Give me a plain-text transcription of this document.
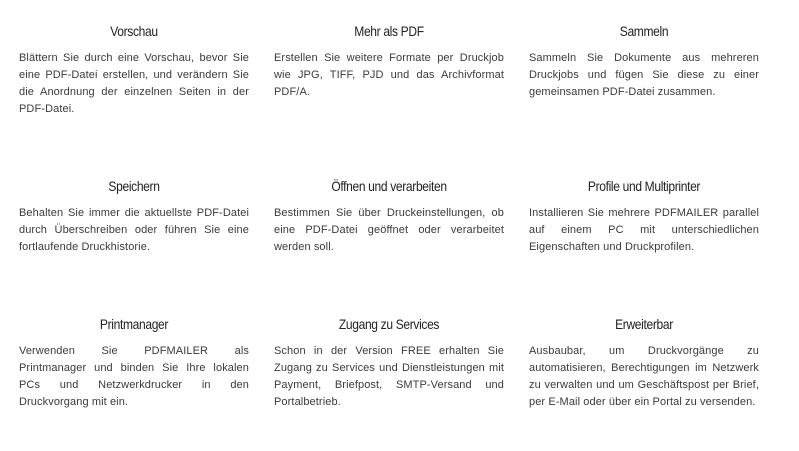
Vorschau

Blättern Sie durch eine Vorschau, bevor Sie eine PDF-Datei erstellen, und verändern Sie die Anordnung der einzelnen Seiten in der PDF-Datei.

Mehr als PDF

Erstellen Sie weitere Formate per Druckjob wie JPG, TIFF, PJD und das Archivformat PDF/A.

Sammeln

Sammeln Sie Dokumente aus mehreren Druckjobs und fügen Sie diese zu einer gemeinsamen PDF-Datei zusammen.

Speichern

Behalten Sie immer die aktuellste PDF-Datei durch Überschreiben oder führen Sie eine fortlaufende Druckhistorie.

Öffnen und verarbeiten

Bestimmen Sie über Druckeinstellungen, ob eine PDF-Datei geöffnet oder verarbeitet werden soll.

Profile und Multiprinter

Installieren Sie mehrere PDFMAILER parallel auf einem PC mit unterschiedlichen Eigenschaften und Druckprofilen.

Printmanager

Verwenden Sie PDFMAILER als Printmanager und binden Sie Ihre lokalen PCs und Netzwerkdrucker in den Druckvorgang mit ein.

Zugang zu Services

Schon in der Version FREE erhalten Sie Zugang zu Services und Dienstleistungen mit Payment, Briefpost, SMTP-Versand und Portalbetrieb.

Erweiterbar

Ausbaubar, um Druckvorgänge zu automatisieren, Berechtigungen im Netzwerk zu verwalten und um Geschäftspost per Brief, per E-Mail oder über ein Portal zu versenden.
